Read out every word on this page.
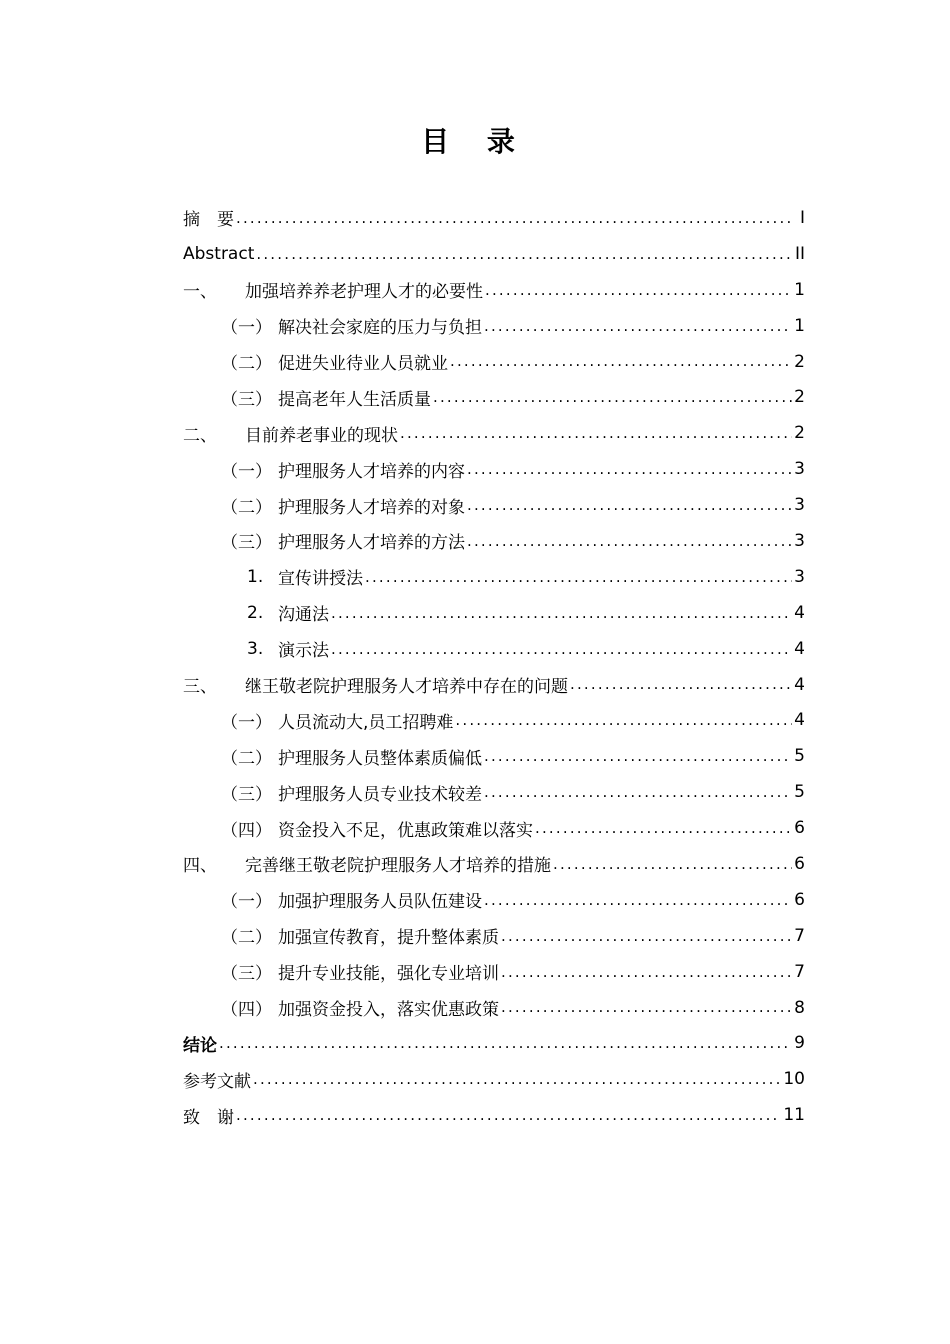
目 录
摘　要 .....	I
Abstract .....	II
一、	加强培养养老护理人才的必要性 .....	1
（一） 解决社会家庭的压力与负担 .....	1
（二） 促进失业待业人员就业 .....	2
（三） 提高老年人生活质量 .....	2
二、	目前养老事业的现状 .....	2
（一） 护理服务人才培养的内容 .....	3
（二） 护理服务人才培养的对象 .....	3
（三） 护理服务人才培养的方法 .....	3
1. 宣传讲授法 .....	3
2. 沟通法 .....	4
3. 演示法 .....	4
三、	继王敬老院护理服务人才培养中存在的问题 .....	4
（一） 人员流动大,员工招聘难 .....	4
（二） 护理服务人员整体素质偏低 .....	5
（三） 护理服务人员专业技术较差 .....	5
（四） 资金投入不足，优惠政策难以落实 .....	6
四、	完善继王敬老院护理服务人才培养的措施 .....	6
（一） 加强护理服务人员队伍建设 .....	6
（二） 加强宣传教育，提升整体素质 .....	7
（三） 提升专业技能，强化专业培训 .....	7
（四） 加强资金投入，落实优惠政策 .....	8
结论 .....	9
参考文献 .....	10
致　谢 .....	11
